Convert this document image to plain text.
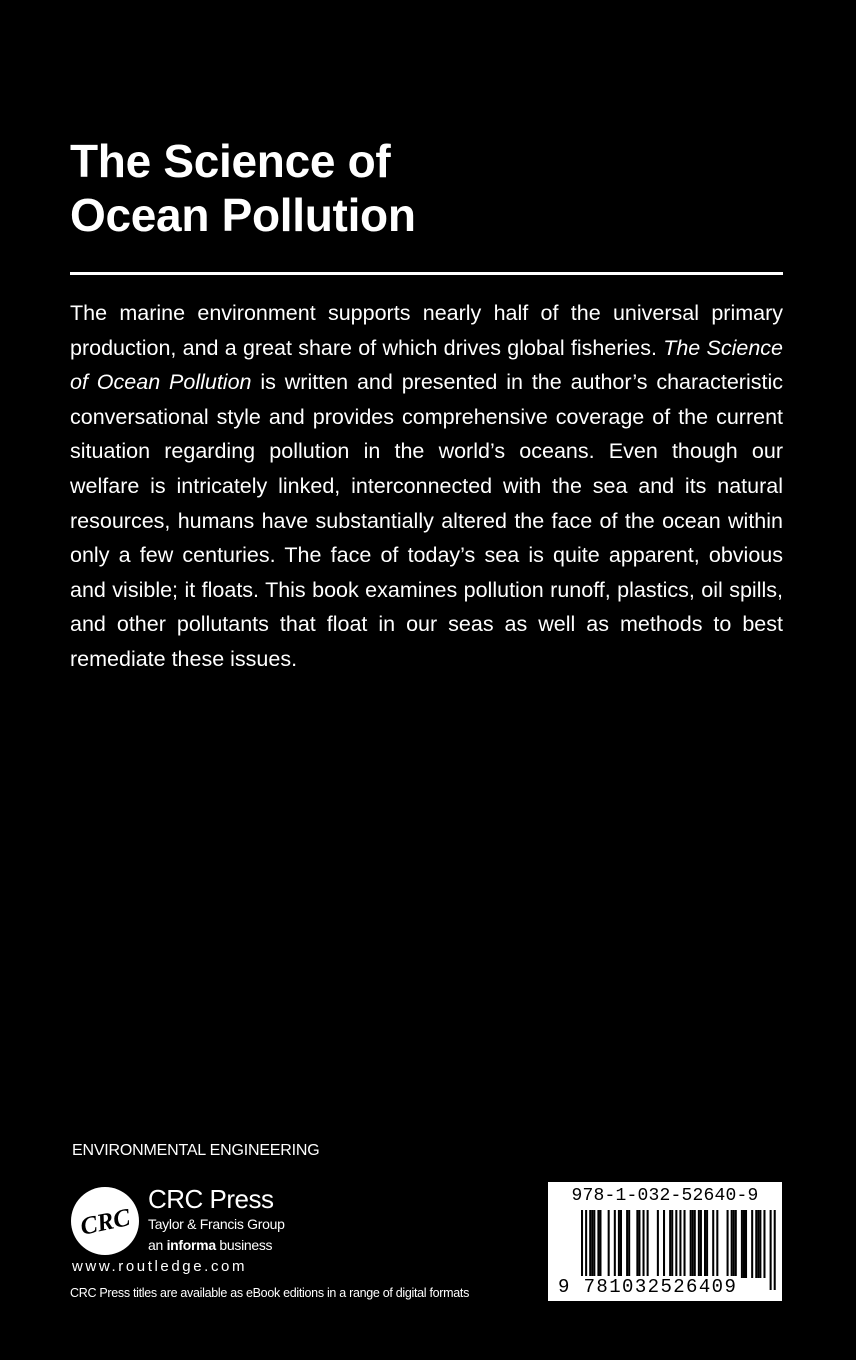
The Science of
Ocean Pollution

The marine environment supports nearly half of the universal primary production, and a great share of which drives global fisheries. The Science of Ocean Pollution is written and presented in the author’s characteristic conversational style and provides comprehensive coverage of the current situation regarding pollution in the world’s oceans. Even though our welfare is intricately linked, interconnected with the sea and its natural resources, humans have substantially altered the face of the ocean within only a few centuries. The face of today’s sea is quite apparent, obvious and visible; it floats. This book examines pollution runoff, plastics, oil spills, and other pollutants that float in our seas as well as methods to best remediate these issues.

ENVIRONMENTAL ENGINEERING
CRC
CRC Press
Taylor & Francis Group
an informa business
www.routledge.com
CRC Press titles are available as eBook editions in a range of digital formats
978-1-032-52640-9
9 781032526409
